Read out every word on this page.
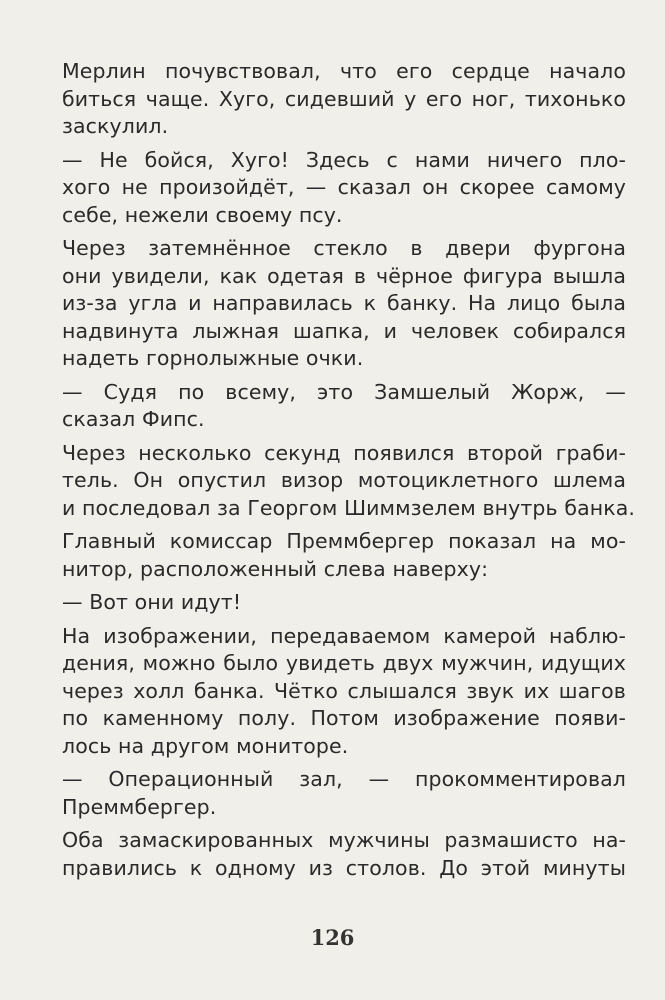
Мерлин почувствовал, что его сердце начало
биться чаще. Хуго, сидевший у его ног, тихонько
заскулил.

— Не бойся, Хуго! Здесь с нами ничего пло-
хого не произойдёт, — сказал он скорее самому
себе, нежели своему псу.

Через затемнённое стекло в двери фургона
они увидели, как одетая в чёрное фигура вышла
из-за угла и направилась к банку. На лицо была
надвинута лыжная шапка, и человек собирался
надеть горнолыжные очки.

— Судя по всему, это Замшелый Жорж, —
сказал Фипс.

Через несколько секунд появился второй граби-
тель. Он опустил визор мотоциклетного шлема
и последовал за Георгом Шиммзелем внутрь банка.

Главный комиссар Преммбергер показал на мо-
нитор, расположенный слева наверху:

— Вот они идут!

На изображении, передаваемом камерой наблю-
дения, можно было увидеть двух мужчин, идущих
через холл банка. Чётко слышался звук их шагов
по каменному полу. Потом изображение появи-
лось на другом мониторе.

— Операционный зал, — прокомментировал
Преммбергер.

Оба замаскированных мужчины размашисто на-
правились к одному из столов. До этой минуты

126
